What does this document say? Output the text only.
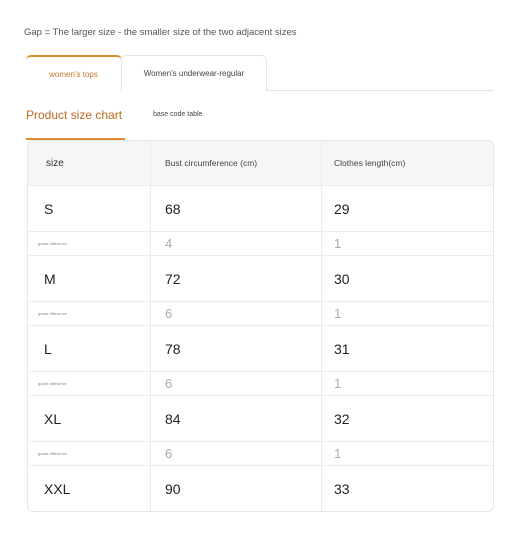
Gap = The larger size - the smaller size of the two adjacent sizes
women's tops	Women's underwear-regular
Product size chart	base code table
size	Bust circumference (cm)	Clothes length(cm)
S	68	29
grade difference	4	1
M	72	30
grade difference	6	1
L	78	31
grade difference	6	1
XL	84	32
grade difference	6	1
XXL	90	33
